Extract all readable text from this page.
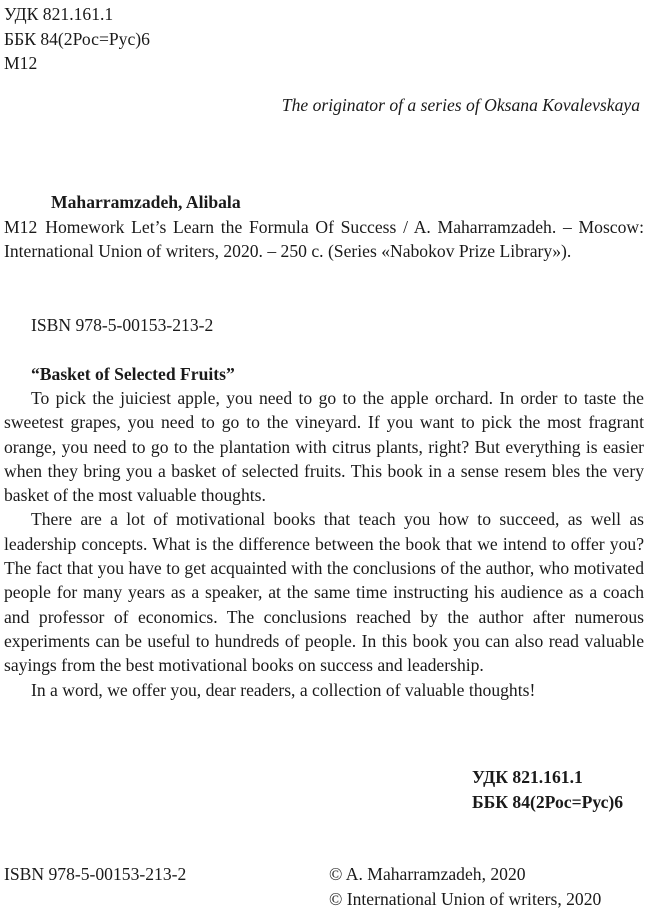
УДК 821.161.1
ББК 84(2Рос=Рус)6
М12
The originator of a series of Oksana Kovalevskaya
Maharramzadeh, Alibala
М12 Homework Let’s Learn the Formula Of Success / A. Maharramzadeh. – Moscow: International Union of writers, 2020. – 250 с. (Series «Nabokov Prize Library»).
ISBN 978-5-00153-213-2
“Basket of Selected Fruits”

To pick the juiciest apple, you need to go to the apple orchard. In order to taste the sweetest grapes, you need to go to the vineyard. If you want to pick the most fragrant orange, you need to go to the plantation with citrus plants, right? But everything is easier when they bring you a basket of selected fruits. This book in a sense resem bles the very basket of the most valuable thoughts.

There are a lot of motivational books that teach you how to succeed, as well as leadership concepts. What is the difference between the book that we intend to offer you? The fact that you have to get acquainted with the conclusions of the author, who motivated people for many years as a speaker, at the same time instructing his audience as a coach and professor of economics. The conclusions reached by the author after numerous experiments can be useful to hundreds of people. In this book you can also read valuable sayings from the best motivational books on success and leadership.

In a word, we offer you, dear readers, a collection of valuable thoughts!

УДК 821.161.1
ББК 84(2Рос=Рус)6
ISBN 978-5-00153-213-2	© A. Maharramzadeh, 2020
© International Union of writers, 2020
